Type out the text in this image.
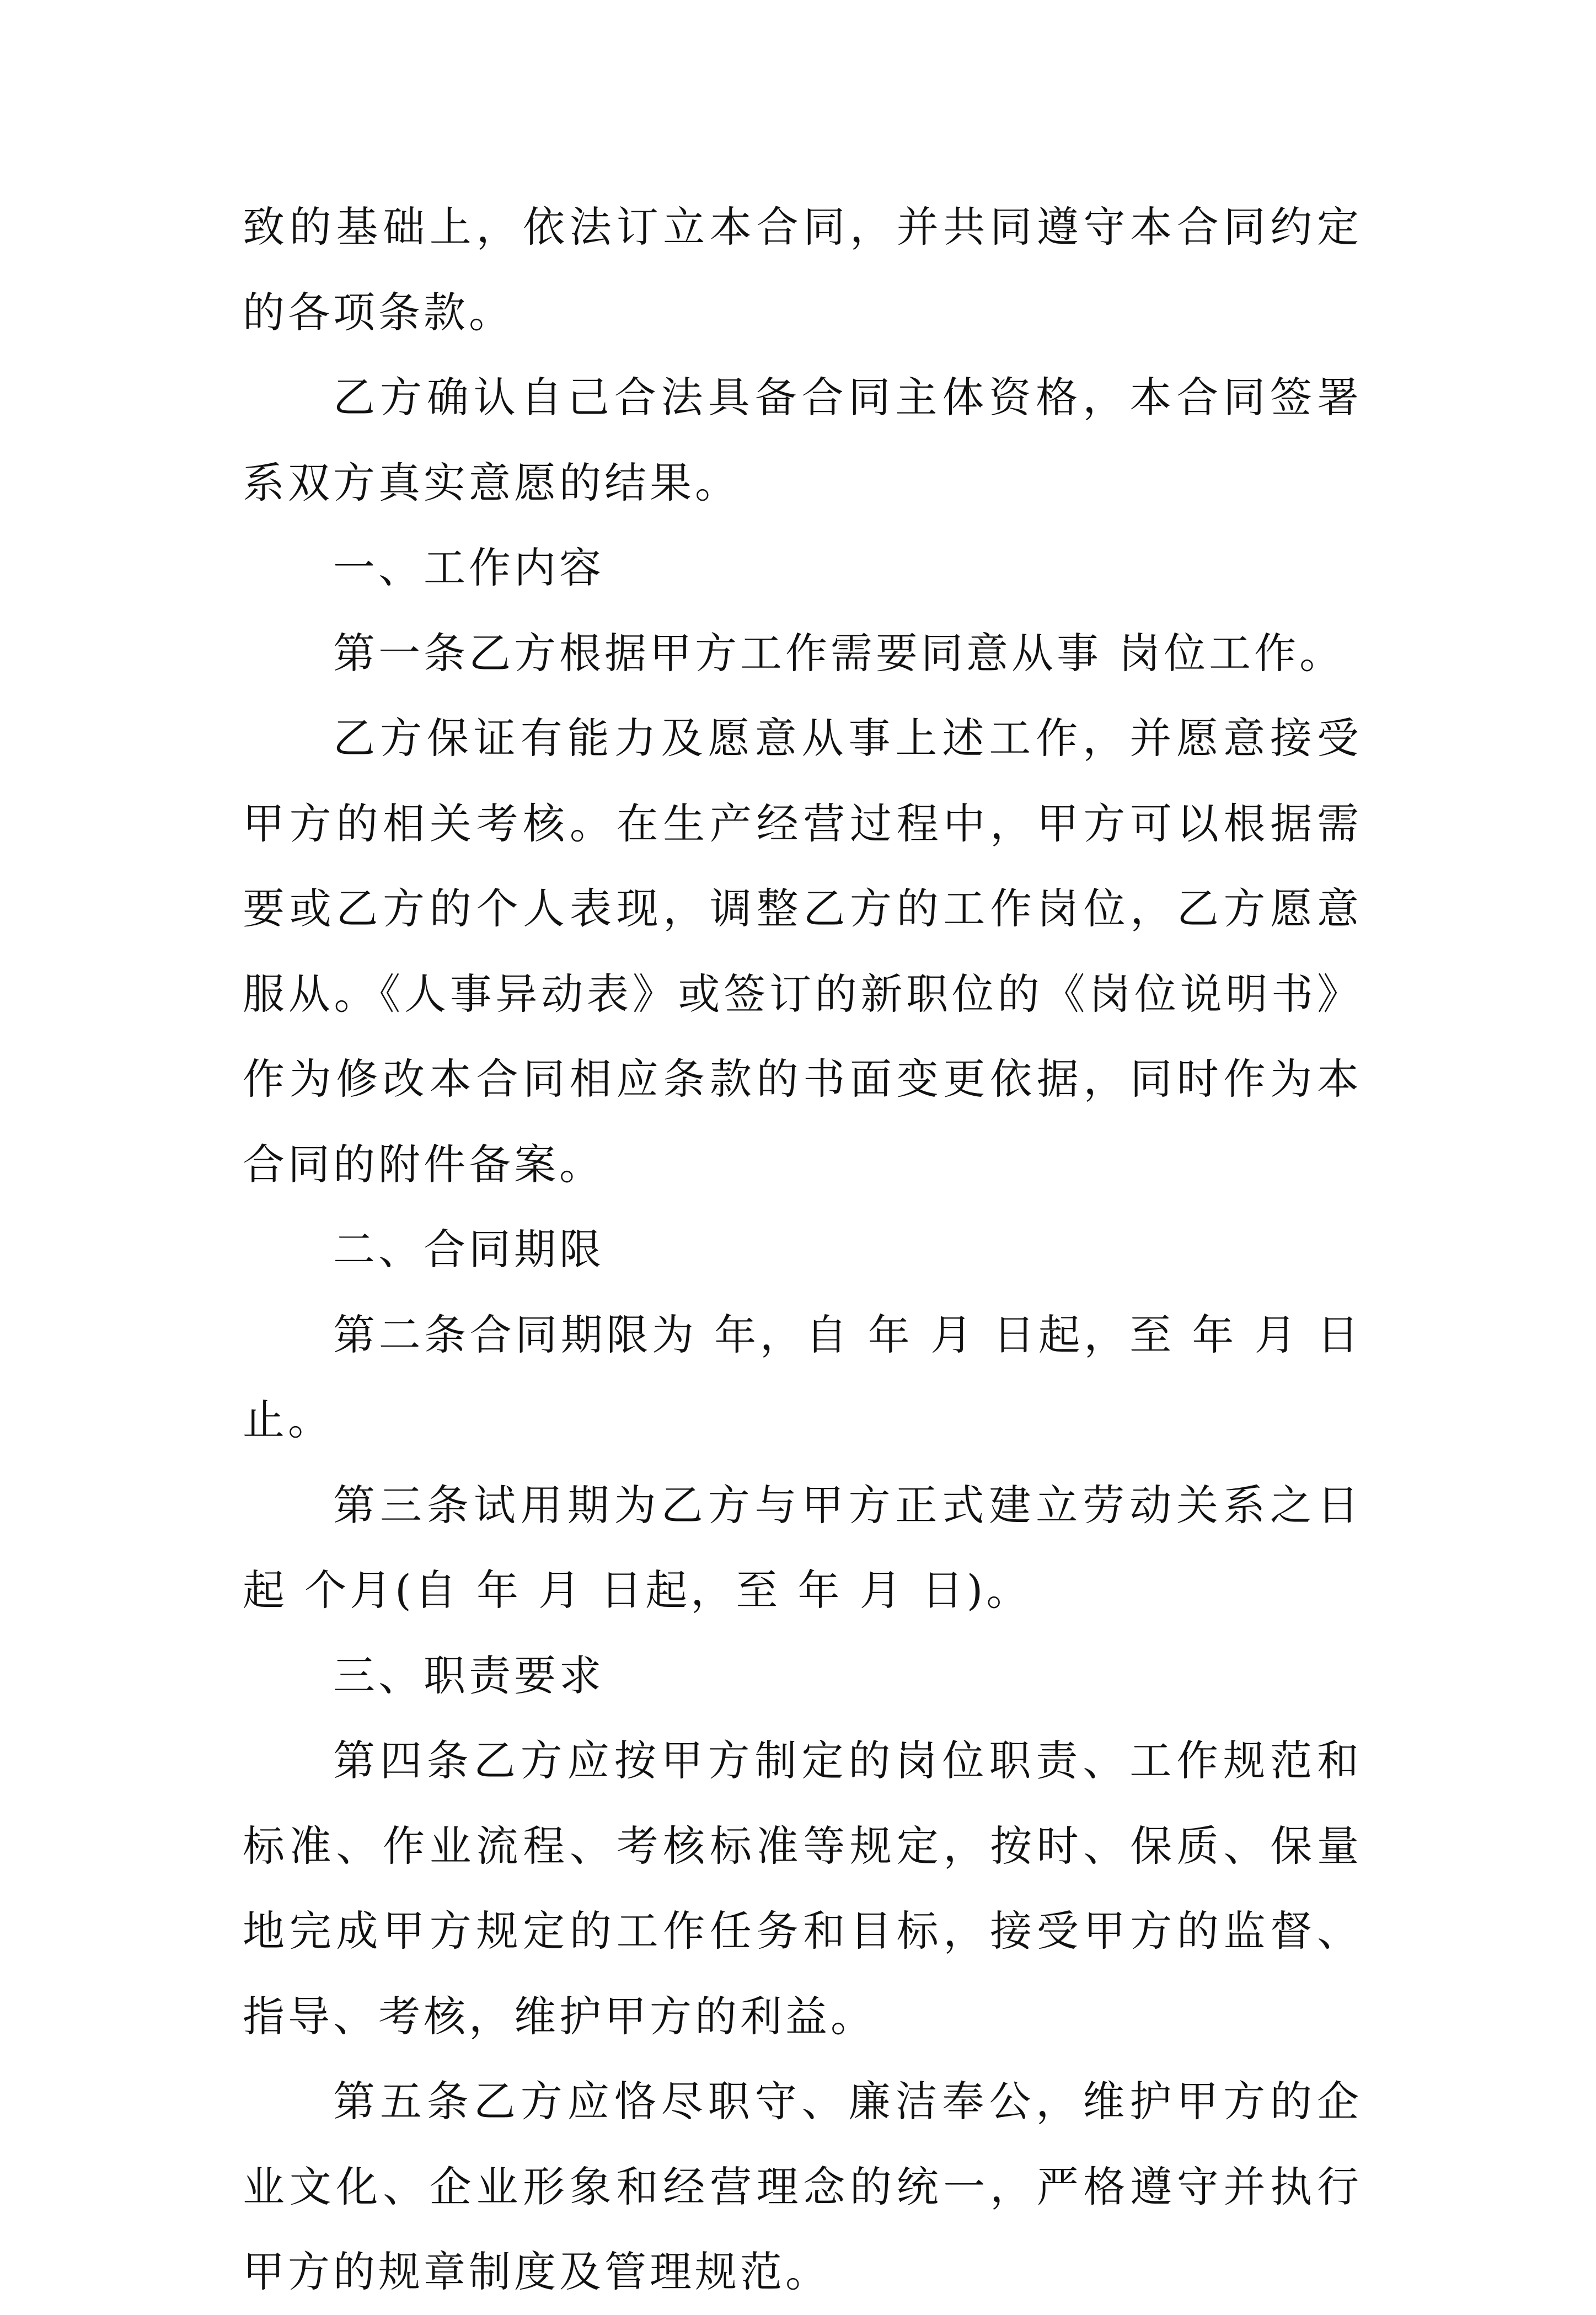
致的基础上，依法订立本合同，并共同遵守本合同约定的各项条款。

乙方确认自己合法具备合同主体资格，本合同签署系双方真实意愿的结果。

一、工作内容

第一条乙方根据甲方工作需要同意从事 岗位工作。

乙方保证有能力及愿意从事上述工作，并愿意接受甲方的相关考核。在生产经营过程中，甲方可以根据需要或乙方的个人表现，调整乙方的工作岗位，乙方愿意服从。《人事异动表》或签订的新职位的《岗位说明书》作为修改本合同相应条款的书面变更依据，同时作为本合同的附件备案。

二、合同期限

第二条合同期限为 年，自 年 月 日起，至 年 月 日止。

第三条试用期为乙方与甲方正式建立劳动关系之日起 个月(自 年 月 日起，至 年 月 日)。

三、职责要求

第四条乙方应按甲方制定的岗位职责、工作规范和标准、作业流程、考核标准等规定，按时、保质、保量地完成甲方规定的工作任务和目标，接受甲方的监督、指导、考核，维护甲方的利益。

第五条乙方应恪尽职守、廉洁奉公，维护甲方的企业文化、企业形象和经营理念的统一，严格遵守并执行甲方的规章制度及管理规范。
